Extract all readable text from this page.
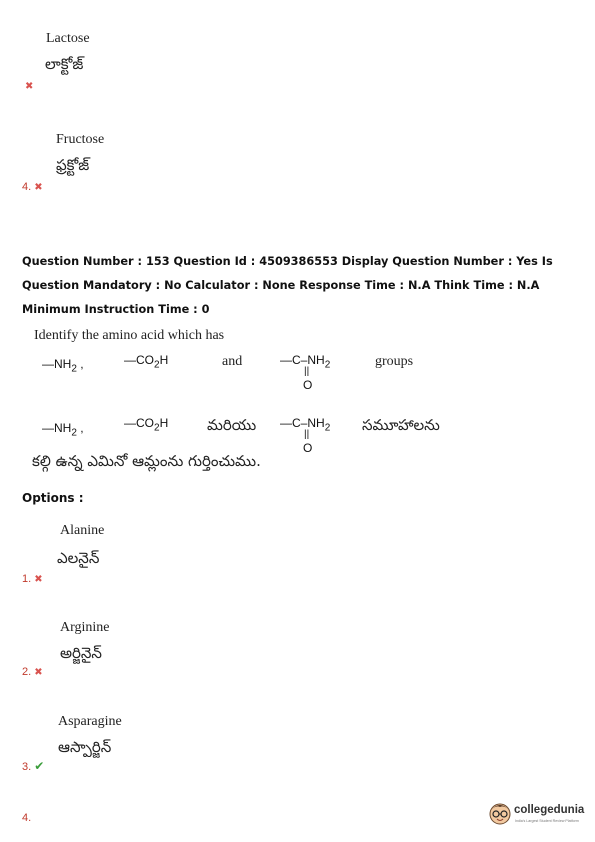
Lactose
లాక్టోజ్
✖
Fructose
ఫ్రక్టోజ్
4. ✖
Question Number : 153 Question Id : 4509386553 Display Question Number : Yes Is Question Mandatory : No Calculator : None Response Time : N.A Think Time : N.A Minimum Instruction Time : 0
Identify the amino acid which has
$—NH_2$ ,	$—CO_2H$	and	$—C-NH_2$
||
O
groups
$—NH_2$ ,	$—CO_2H$	మరియు $—C-NH_2$
||
O
సమూహాలను
కల్గి ఉన్న ఎమినో ఆమ్లంను గుర్తించుము.
Options :
Alanine
ఎలనైన్
1. ✖
Arginine
అర్జినైన్
2. ✖
Asparagine
ఆస్పార్జిన్
3. ✔
4.
collegedunia
India's Largest Student Review Platform
